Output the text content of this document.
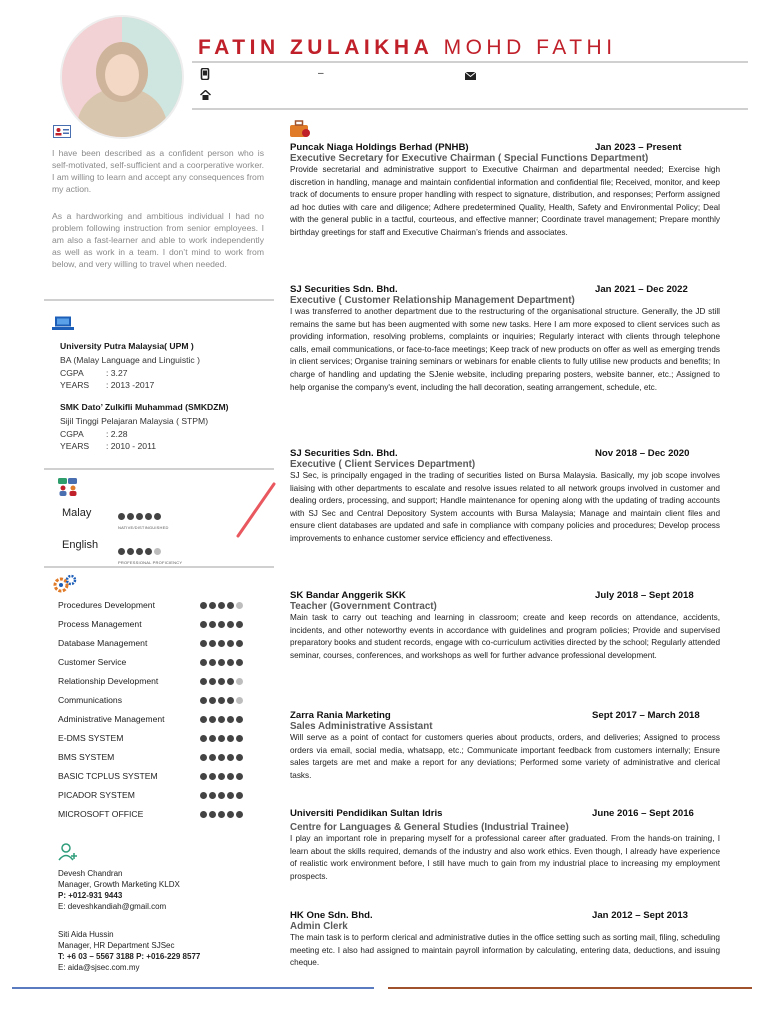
FATIN ZULAIKHA MOHD FATHI
–
I have been described as a confident person who is self-motivated, self-sufficient and a coorperative worker. I am willing to learn and accept any consequences from my action.
As a hardworking and ambitious individual I had no problem following instruction from senior employees. I am also a fast-learner and able to work independently as well as work in a team. I don’t mind to work from below, and very willing to travel when needed.
University Putra Malaysia( UPM )
BA (Malay Language and Linguistic )
CGPA	: 3.27
YEARS : 2013 -2017
SMK Dato’ Zulkifli Muhammad (SMKDZM)
Sijil Tinggi Pelajaran Malaysia ( STPM)
CGPA	: 2.28
YEARS : 2010 - 2011
Malay
NATIVE/DISTINGUISHED
English
PROFESSIONAL PROFICIENCY
Procedures Development
Process Management
Database Management
Customer Service
Relationship Development
Communications
Administrative Management
E-DMS SYSTEM
BMS SYSTEM
BASIC TCPLUS SYSTEM
PICADOR SYSTEM
MICROSOFT OFFICE
Devesh Chandran
Manager, Growth Marketing KLDX
P: +012-931 9443
E: deveshkandiah@gmail.com
Siti Aida Hussin
Manager, HR Department SJSec
T: +6 03 – 5567 3188 P: +016-229 8577
E: aida@sjsec.com.my
Puncak Niaga Holdings Berhad (PNHB)	Jan 2023 – Present
Executive Secretary for Executive Chairman ( Special Functions Department)
Provide secretarial and administrative support to Executive Chairman and departmental needed; Exercise high discretion in handling, manage and maintain confidential information and confidential file; Received, monitor, and keep track of documents to ensure proper handling with respect to signature, distribution, and responses; Perform assigned ad hoc duties with care and diligence; Adhere predetermined Quality, Health, Safety and Environmental Policy; Deal with the general public in a tactful, courteous, and effective manner; Coordinate travel management; Prepare monthly birthday greetings for staff and Executive Chairman’s friends and associates.
SJ Securities Sdn. Bhd.	Jan 2021 – Dec 2022
Executive ( Customer Relationship Management Department)
I was transferred to another department due to the restructuring of the organisational structure. Generally, the JD still remains the same but has been augmented with some new tasks. Here I am more exposed to client services such as providing information, resolving problems, complaints or inquiries; Regularly interact with clients through telephone calls, email communications, or face-to-face meetings; Keep track of new products on offer as well as emerging trends in client services; Organise training seminars or webinars for enable clients to fully utilise new products and benefits; In charge of handling and updating the SJenie website, including preparing posters, website banner, etc.; Assigned to help organise the company's event, including the hall decoration, seating arrangement, schedule, etc.
SJ Securities Sdn. Bhd.	Nov 2018 – Dec 2020
Executive ( Client Services Department)
SJ Sec, is principally engaged in the trading of securities listed on Bursa Malaysia. Basically, my job scope involves liaising with other departments to escalate and resolve issues related to all network groups involved in customer and dealing orders, processing, and support; Handle maintenance for opening along with the updating of trading accounts with SJ Sec and Central Depository System accounts with Bursa Malaysia; Manage and maintain client files and ensure client databases are updated and safe in compliance with company policies and procedures; Develop process improvements to enhance customer service efficiency and effectiveness.
SK Bandar Anggerik SKK	July 2018 – Sept 2018
Teacher (Government Contract)
Main task to carry out teaching and learning in classroom; create and keep records on attendance, accidents, incidents, and other noteworthy events in accordance with guidelines and program policies; Provide and supervised preparatory books and student records, engage with co-curriculum activities directed by the school; Regularly attended seminar, courses, conferences, and workshops as well for further advance professional development.
Zarra Rania Marketing	Sept 2017 – March 2018
Sales Administrative Assistant
Will serve as a point of contact for customers queries about products, orders, and deliveries; Assigned to process orders via email, social media, whatsapp, etc.; Communicate important feedback from customers internally; Ensure sales targets are met and make a report for any deviations; Performed some variety of administrative and clerical tasks.
Universiti Pendidikan Sultan Idris	June 2016 – Sept 2016
Centre for Languages & General Studies (Industrial Trainee)
I play an important role in preparing myself for a professional career after graduated. From the hands-on training, I learn about the skills required, demands of the industry and also work ethics. Even though, I already have experience of realistic work environment before, I still have much to gain from my industrial place to increasing my employment prospects.
HK One Sdn. Bhd.	Jan 2012 – Sept 2013
Admin Clerk
The main task is to perform clerical and administrative duties in the office setting such as sorting mail, filing, scheduling meeting etc. I also had assigned to maintain payroll information by calculating, entering data, deductions, and issuing cheque.
